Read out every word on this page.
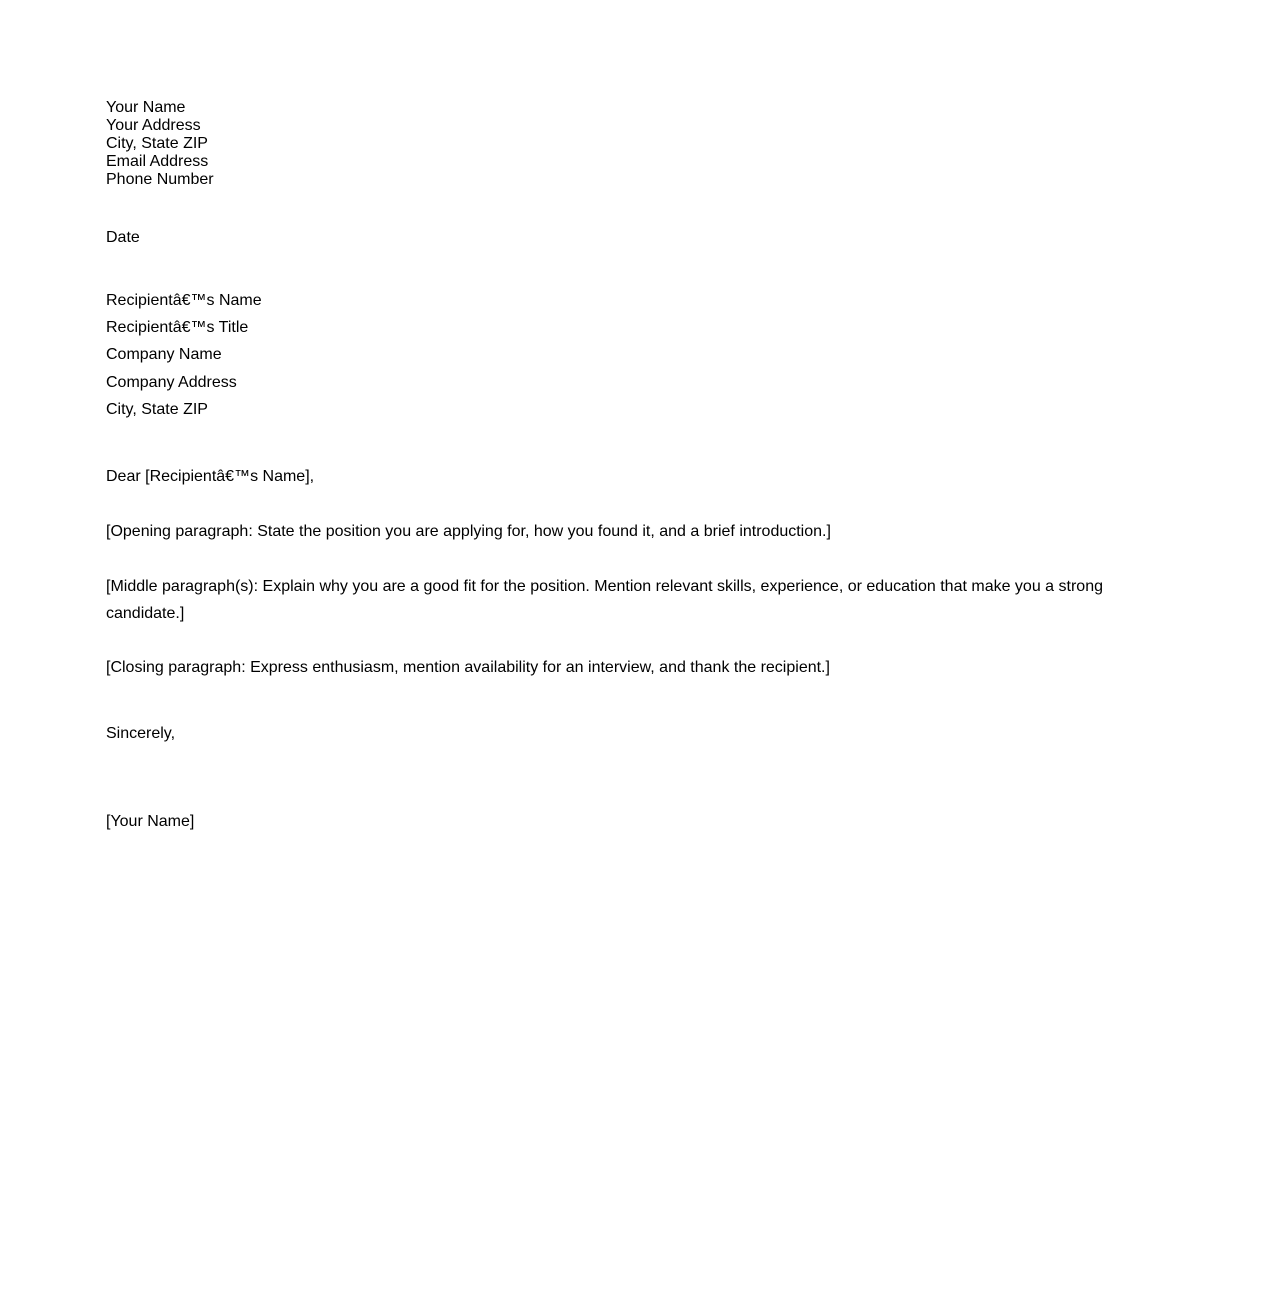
Your Name
Your Address
City, State ZIP
Email Address
Phone Number
Date
Recipientâ€™s Name
Recipientâ€™s Title
Company Name
Company Address
City, State ZIP
Dear [Recipientâ€™s Name],
[Opening paragraph: State the position you are applying for, how you found it, and a brief introduction.]
[Middle paragraph(s): Explain why you are a good fit for the position. Mention relevant skills, experience, or education that make you a strong candidate.]
[Closing paragraph: Express enthusiasm, mention availability for an interview, and thank the recipient.]
Sincerely,
[Your Name]
